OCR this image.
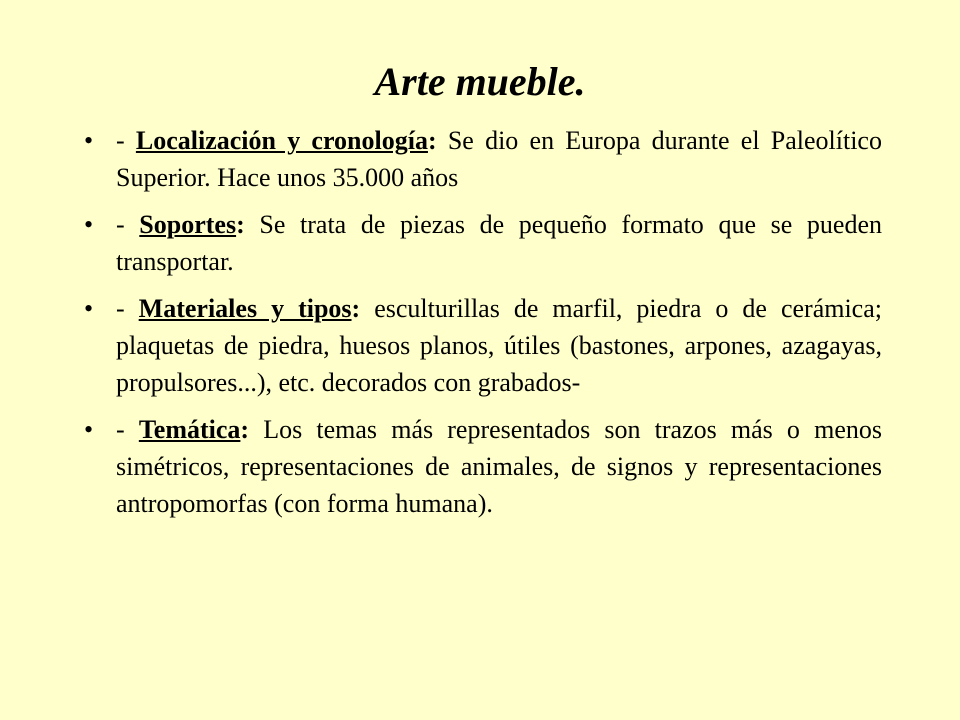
Arte mueble.
• - Localización y cronología: Se dio en Europa durante el Paleolítico Superior. Hace unos 35.000 años
• - Soportes: Se trata de piezas de pequeño formato que se pueden transportar.
• - Materiales y tipos: esculturillas de marfil, piedra o de cerámica; plaquetas de piedra, huesos planos, útiles (bastones, arpones, azagayas, propulsores...), etc. decorados con grabados-
• - Temática: Los temas más representados son trazos más o menos simétricos, representaciones de animales, de signos y representaciones antropomorfas (con forma humana).
